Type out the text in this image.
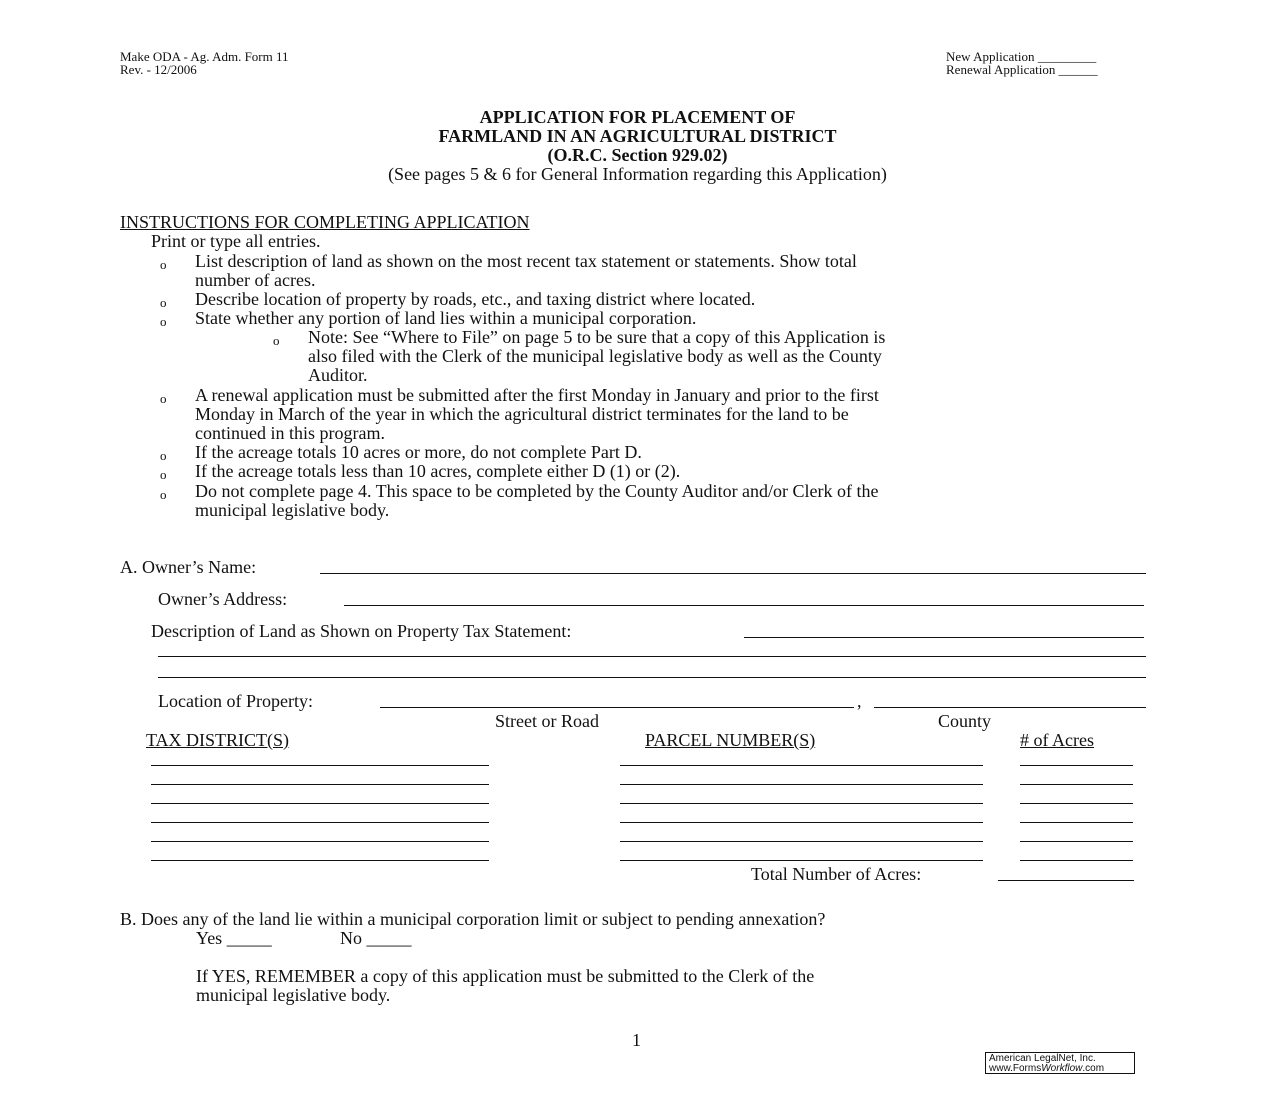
Make ODA - Ag. Adm. Form 11
Rev. - 12/2006
New Application _________
Renewal Application ______
APPLICATION FOR PLACEMENT OF
FARMLAND IN AN AGRICULTURAL DISTRICT
(O.R.C. Section 929.02)
(See pages 5 & 6 for General Information regarding this Application)
INSTRUCTIONS FOR COMPLETING APPLICATION
Print or type all entries.
o List description of land as shown on the most recent tax statement or statements. Show total
number of acres.
o Describe location of property by roads, etc., and taxing district where located.
o State whether any portion of land lies within a municipal corporation.
o Note: See “Where to File” on page 5 to be sure that a copy of this Application is
also filed with the Clerk of the municipal legislative body as well as the County
Auditor.
o A renewal application must be submitted after the first Monday in January and prior to the first
Monday in March of the year in which the agricultural district terminates for the land to be
continued in this program.
o If the acreage totals 10 acres or more, do not complete Part D.
o If the acreage totals less than 10 acres, complete either D (1) or (2).
o Do not complete page 4. This space to be completed by the County Auditor and/or Clerk of the
municipal legislative body.
A. Owner’s Name:
Owner’s Address:
Description of Land as Shown on Property Tax Statement:
Location of Property:	,
Street or Road	County
TAX DISTRICT(S)	PARCEL NUMBER(S)	# of Acres
Total Number of Acres:
B. Does any of the land lie within a municipal corporation limit or subject to pending annexation?
Yes _____	No _____
If YES, REMEMBER a copy of this application must be submitted to the Clerk of the
municipal legislative body.
1
American LegalNet, Inc.
www.FormsWorkflow.com
